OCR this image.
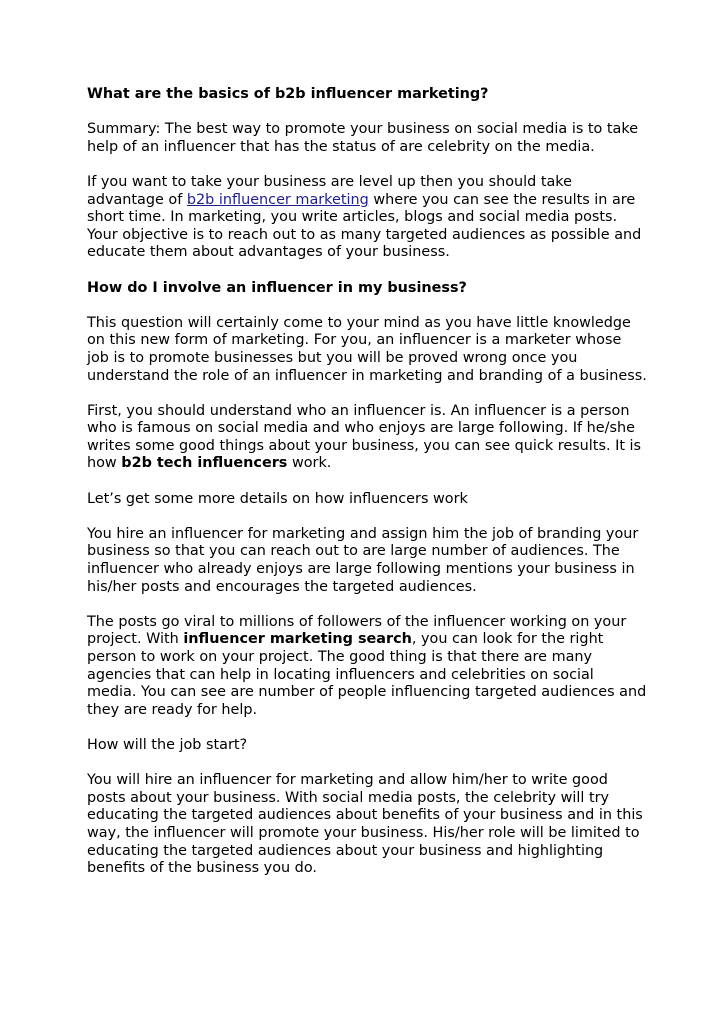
What are the basics of b2b influencer marketing?

Summary: The best way to promote your business on social media is to take help of an influencer that has the status of are celebrity on the media.

If you want to take your business are level up then you should take advantage of b2b influencer marketing where you can see the results in are short time. In marketing, you write articles, blogs and social media posts. Your objective is to reach out to as many targeted audiences as possible and educate them about advantages of your business.

How do I involve an influencer in my business?

This question will certainly come to your mind as you have little knowledge on this new form of marketing. For you, an influencer is a marketer whose job is to promote businesses but you will be proved wrong once you understand the role of an influencer in marketing and branding of a business.

First, you should understand who an influencer is. An influencer is a person who is famous on social media and who enjoys are large following. If he/she writes some good things about your business, you can see quick results. It is how b2b tech influencers work.

Let’s get some more details on how influencers work

You hire an influencer for marketing and assign him the job of branding your business so that you can reach out to are large number of audiences. The influencer who already enjoys are large following mentions your business in his/her posts and encourages the targeted audiences.

The posts go viral to millions of followers of the influencer working on your project. With influencer marketing search, you can look for the right person to work on your project. The good thing is that there are many agencies that can help in locating influencers and celebrities on social media. You can see are number of people influencing targeted audiences and they are ready for help.

How will the job start?

You will hire an influencer for marketing and allow him/her to write good posts about your business. With social media posts, the celebrity will try educating the targeted audiences about benefits of your business and in this way, the influencer will promote your business. His/her role will be limited to educating the targeted audiences about your business and highlighting benefits of the business you do.
